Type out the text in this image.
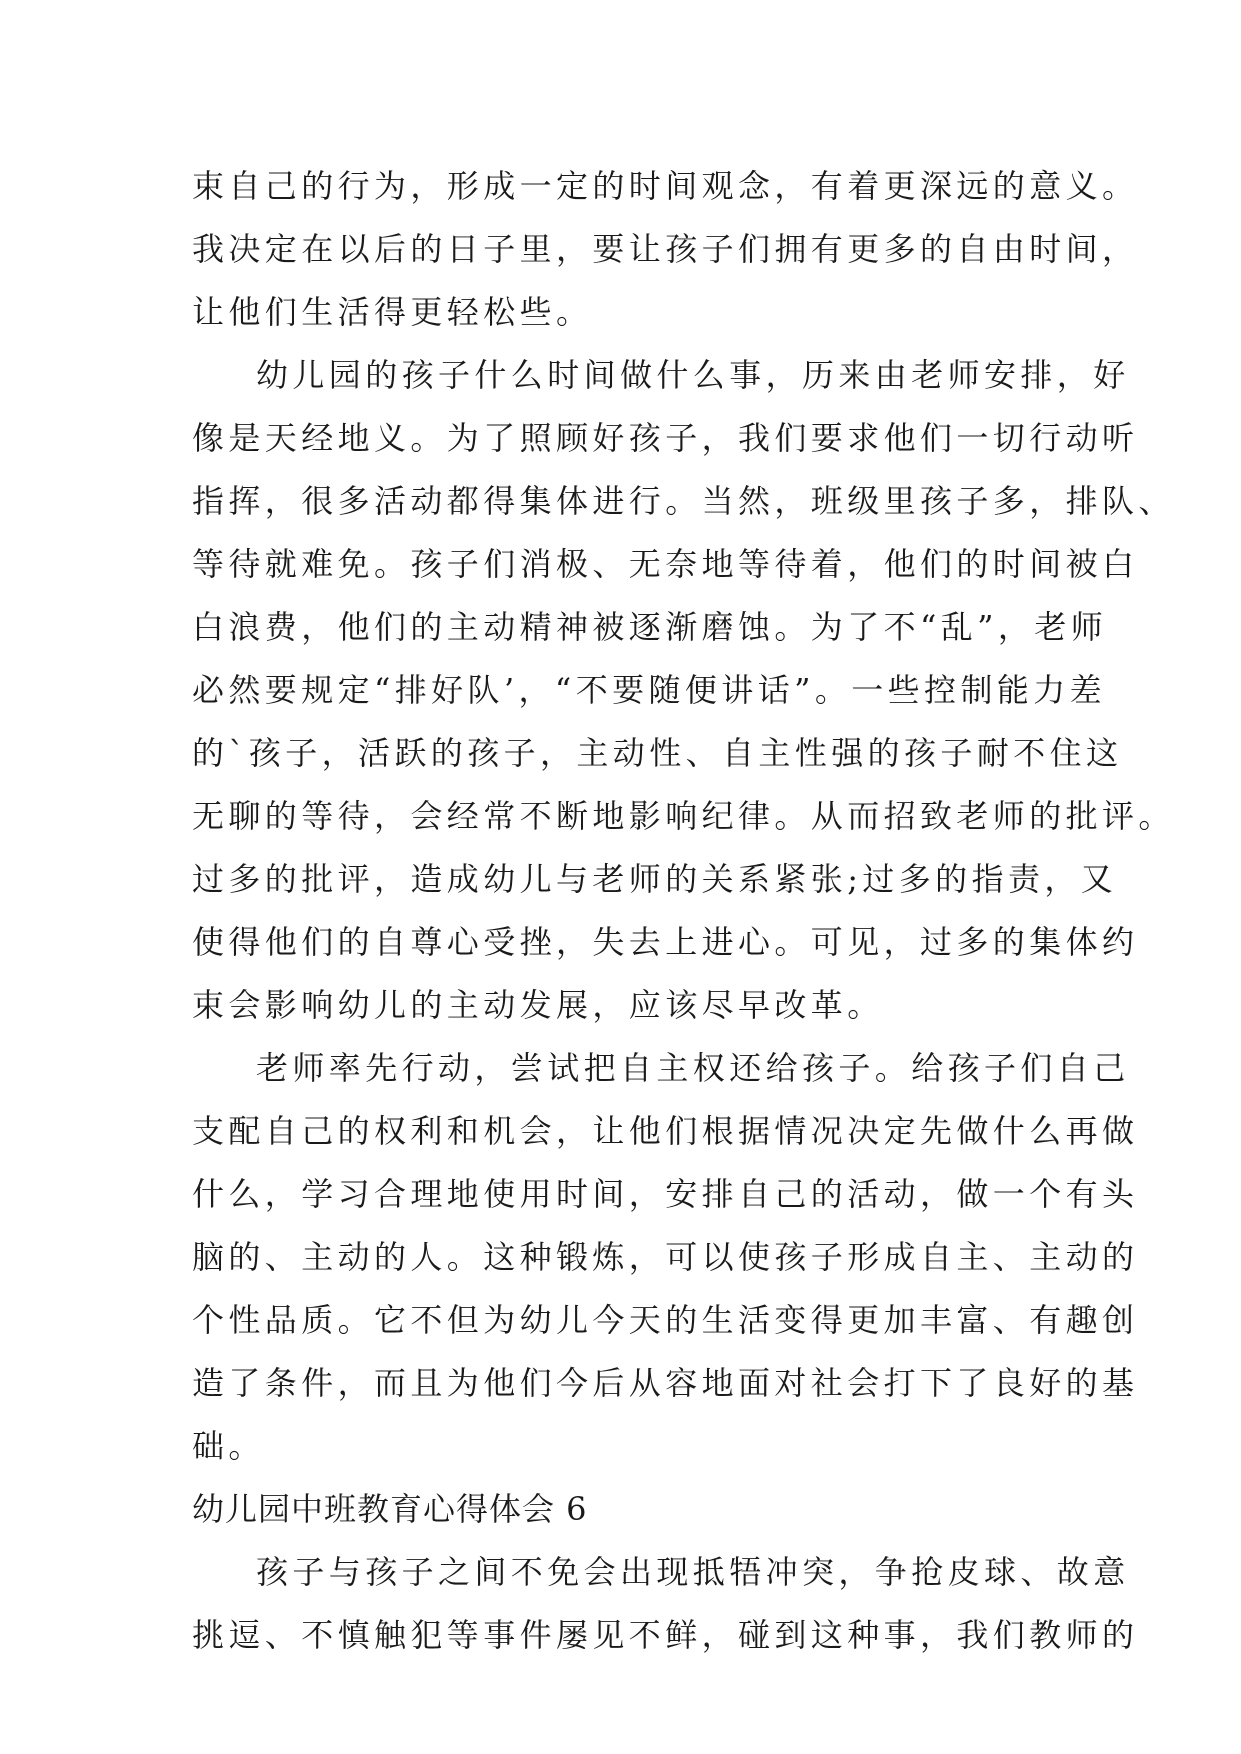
束自己的行为，形成一定的时间观念，有着更深远的意义。
我决定在以后的日子里，要让孩子们拥有更多的自由时间，
让他们生活得更轻松些。
幼儿园的孩子什么时间做什么事，历来由老师安排，好
像是天经地义。为了照顾好孩子，我们要求他们一切行动听
指挥，很多活动都得集体进行。当然，班级里孩子多，排队、
等待就难免。孩子们消极、无奈地等待着，他们的时间被白
白浪费，他们的主动精神被逐渐磨蚀。为了不“乱”，老师
必然要规定“排好队’，“不要随便讲话”。一些控制能力差
的`孩子，活跃的孩子，主动性、自主性强的孩子耐不住这
无聊的等待，会经常不断地影响纪律。从而招致老师的批评。
过多的批评，造成幼儿与老师的关系紧张;过多的指责，又
使得他们的自尊心受挫，失去上进心。可见，过多的集体约
束会影响幼儿的主动发展，应该尽早改革。
老师率先行动，尝试把自主权还给孩子。给孩子们自己
支配自己的权利和机会，让他们根据情况决定先做什么再做
什么，学习合理地使用时间，安排自己的活动，做一个有头
脑的、主动的人。这种锻炼，可以使孩子形成自主、主动的
个性品质。它不但为幼儿今天的生活变得更加丰富、有趣创
造了条件，而且为他们今后从容地面对社会打下了良好的基
础。
幼儿园中班教育心得体会 6
孩子与孩子之间不免会出现抵牾冲突，争抢皮球、故意
挑逗、不慎触犯等事件屡见不鲜，碰到这种事，我们教师的
